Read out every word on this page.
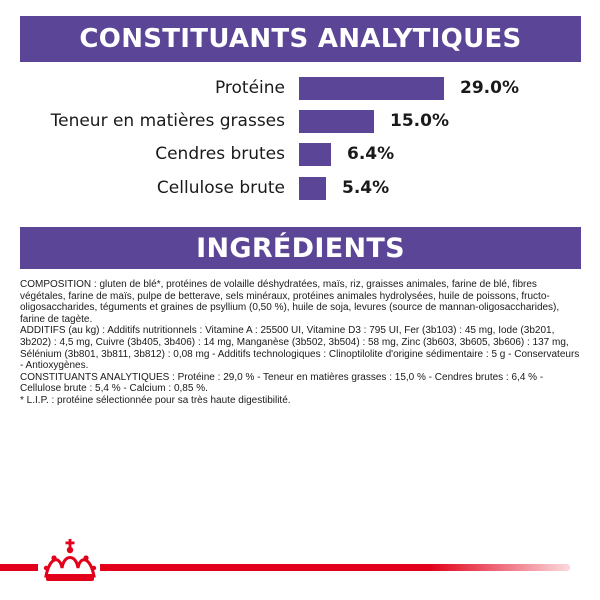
CONSTITUANTS ANALYTIQUES
Protéine	29.0%
Teneur en matières grasses	15.0%
Cendres brutes	6.4%
Cellulose brute	5.4%
INGRÉDIENTS

COMPOSITION : gluten de blé*, protéines de volaille déshydratées, maïs, riz, graisses animales, farine de blé, fibres végétales, farine de maïs, pulpe de betterave, sels minéraux, protéines animales hydrolysées, huile de poissons, fructo-oligosaccharides, téguments et graines de psyllium (0,50 %), huile de soja, levures (source de mannan-oligosaccharides), farine de tagète.

ADDITIFS (au kg) : Additifs nutritionnels : Vitamine A : 25500 UI, Vitamine D3 : 795 UI, Fer (3b103) : 45 mg, Iode (3b201, 3b202) : 4,5 mg, Cuivre (3b405, 3b406) : 14 mg, Manganèse (3b502, 3b504) : 58 mg, Zinc (3b603, 3b605, 3b606) : 137 mg, Sélénium (3b801, 3b811, 3b812) : 0,08 mg - Additifs technologiques : Clinoptilolite d'origine sédimentaire : 5 g - Conservateurs - Antioxygènes.

CONSTITUANTS ANALYTIQUES : Protéine : 29,0 % - Teneur en matières grasses : 15,0 % - Cendres brutes : 6,4 % - Cellulose brute : 5,4 % - Calcium : 0,85 %.

* L.I.P. : protéine sélectionnée pour sa très haute digestibilité.
